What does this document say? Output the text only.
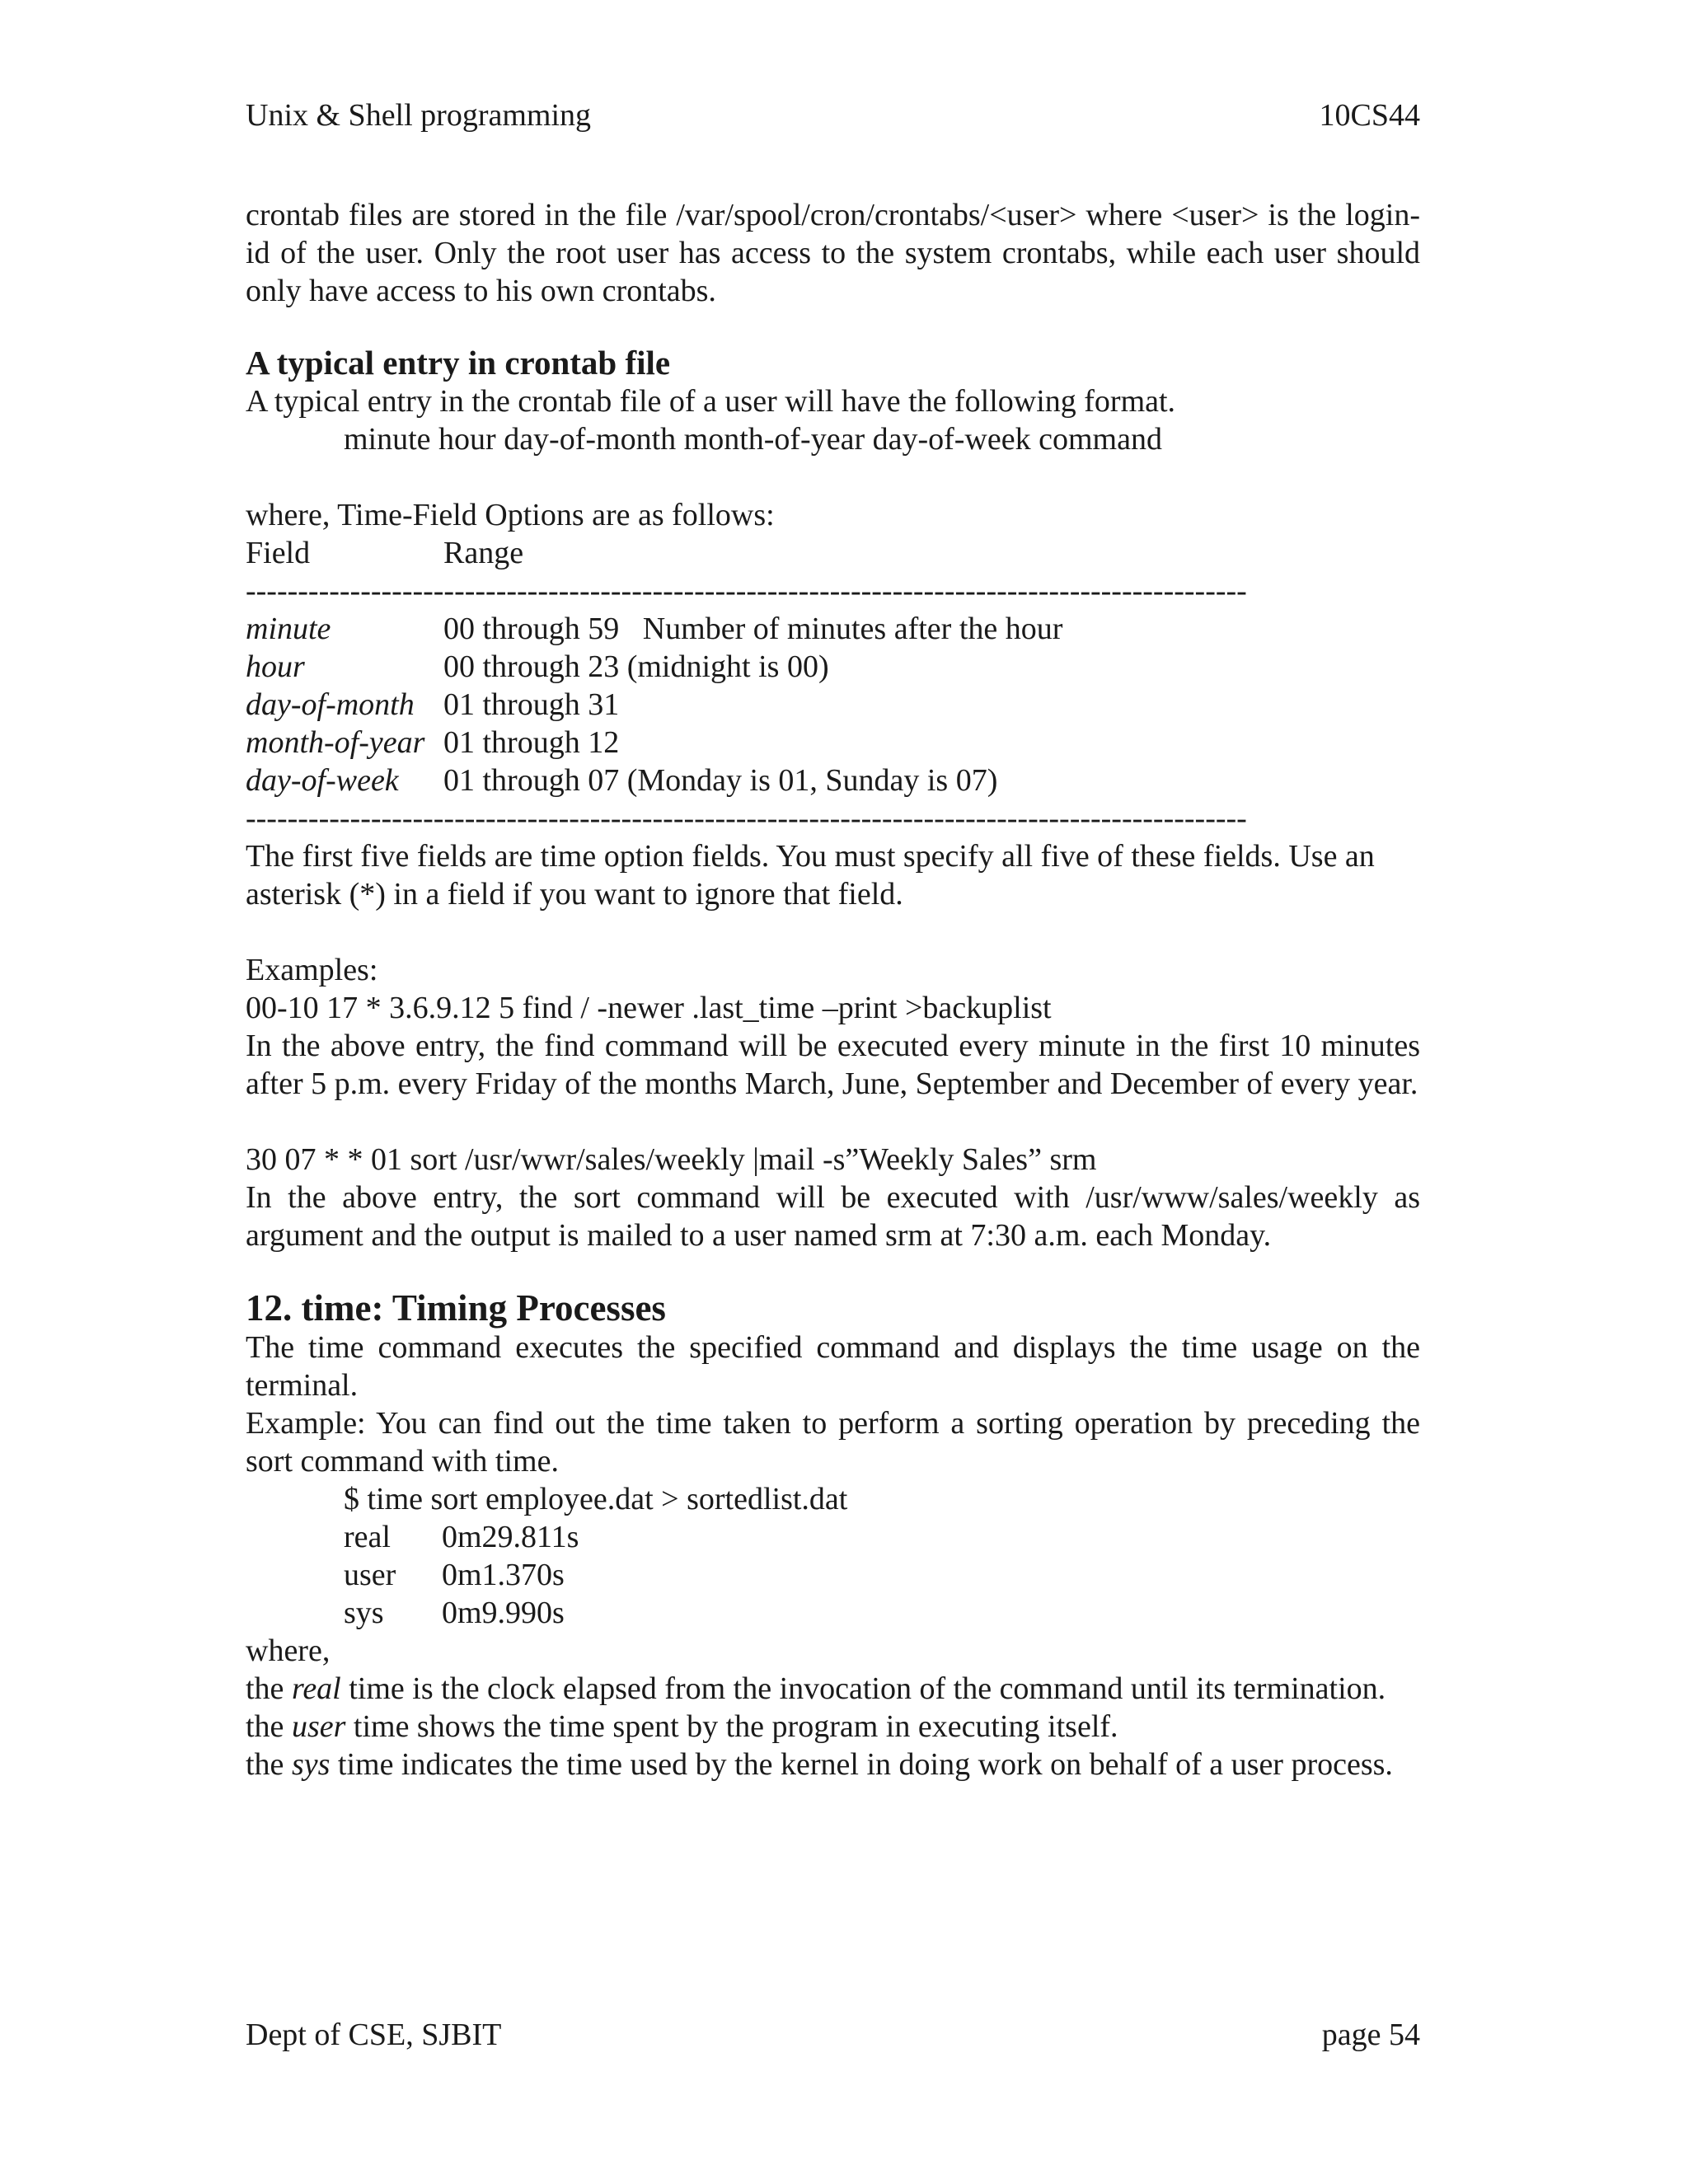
Unix & Shell programming	10CS44

crontab files are stored in the file /var/spool/cron/crontabs/<user> where <user> is the login-id of the user. Only the root user has access to the system crontabs, while each user should only have access to his own crontabs.

A typical entry in crontab file

A typical entry in the crontab file of a user will have the following format.

minute hour day-of-month month-of-year day-of-week command

where, Time-Field Options are as follows:

Field	Range
------------------------------------------------------------------------------------------------
minute	00 through 59   Number of minutes after the hour
hour	00 through 23 (midnight is 00)
day-of-month 01 through 31
month-of-year 01 through 12
day-of-week	01 through 07 (Monday is 01, Sunday is 07)
------------------------------------------------------------------------------------------------

The first five fields are time option fields. You must specify all five of these fields. Use an asterisk (*) in a field if you want to ignore that field.

Examples:

00-10 17 * 3.6.9.12 5 find / -newer .last_time –print >backuplist

In the above entry, the find command will be executed every minute in the first 10 minutes after 5 p.m. every Friday of the months March, June, September and December of every year.

30 07 * * 01 sort /usr/wwr/sales/weekly |mail -s”Weekly Sales” srm

In the above entry, the sort command will be executed with /usr/www/sales/weekly as argument and the output is mailed to a user named srm at 7:30 a.m. each Monday.

12. time: Timing Processes

The time command executes the specified command and displays the time usage on the terminal.

Example: You can find out the time taken to perform a sorting operation by preceding the sort command with time.

$ time sort employee.dat > sortedlist.dat

real	0m29.811s
user	0m1.370s
sys	0m9.990s

where,

the real time is the clock elapsed from the invocation of the command until its termination.

the user time shows the time spent by the program in executing itself.

the sys time indicates the time used by the kernel in doing work on behalf of a user process.

Dept of CSE, SJBIT	page 54
